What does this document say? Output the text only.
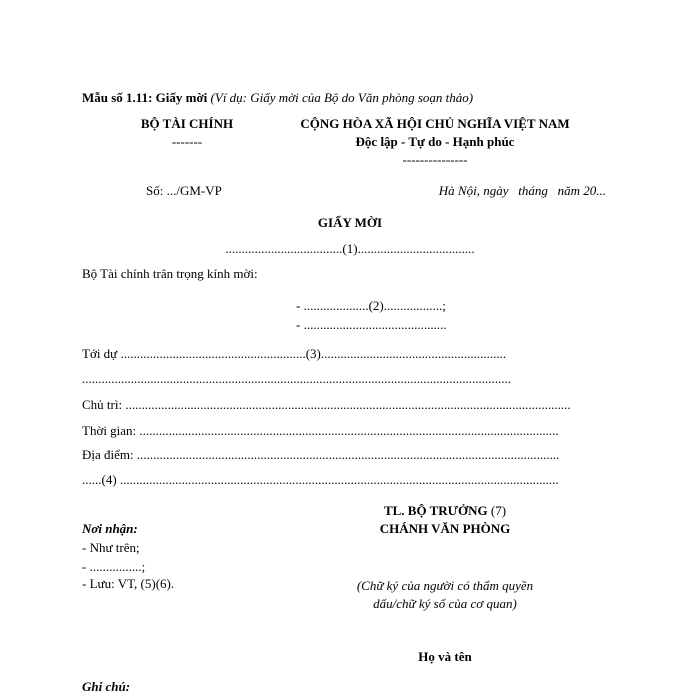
Mẫu số 1.11: Giấy mời (Ví dụ: Giấy mời của Bộ do Văn phòng soạn thảo)
BỘ TÀI CHÍNH
-------
CỘNG HÒA XÃ HỘI CHỦ NGHĨA VIỆT NAM
Độc lập - Tự do - Hạnh phúc
---------------
Số: .../GM-VP	Hà Nội, ngày   tháng   năm 20...
GIẤY MỜI
....................................(1)....................................
Bộ Tài chính trân trọng kính mời:
- ....................(2)..................;
- ............................................
Tới dự .........................................................(3).........................................................
....................................................................................................................................
Chủ trì: .........................................................................................................................................
Thời gian: .................................................................................................................................
Địa điểm: ..................................................................................................................................
......(4) .......................................................................................................................................
TL. BỘ TRƯỞNG (7)
CHÁNH VĂN PHÒNG
(Chữ ký của người có thẩm quyền
dấu/chữ ký số của cơ quan)
Họ và tên
Nơi nhận:
- Như trên;
- ................;
- Lưu: VT, (5)(6).
Ghi chú:
